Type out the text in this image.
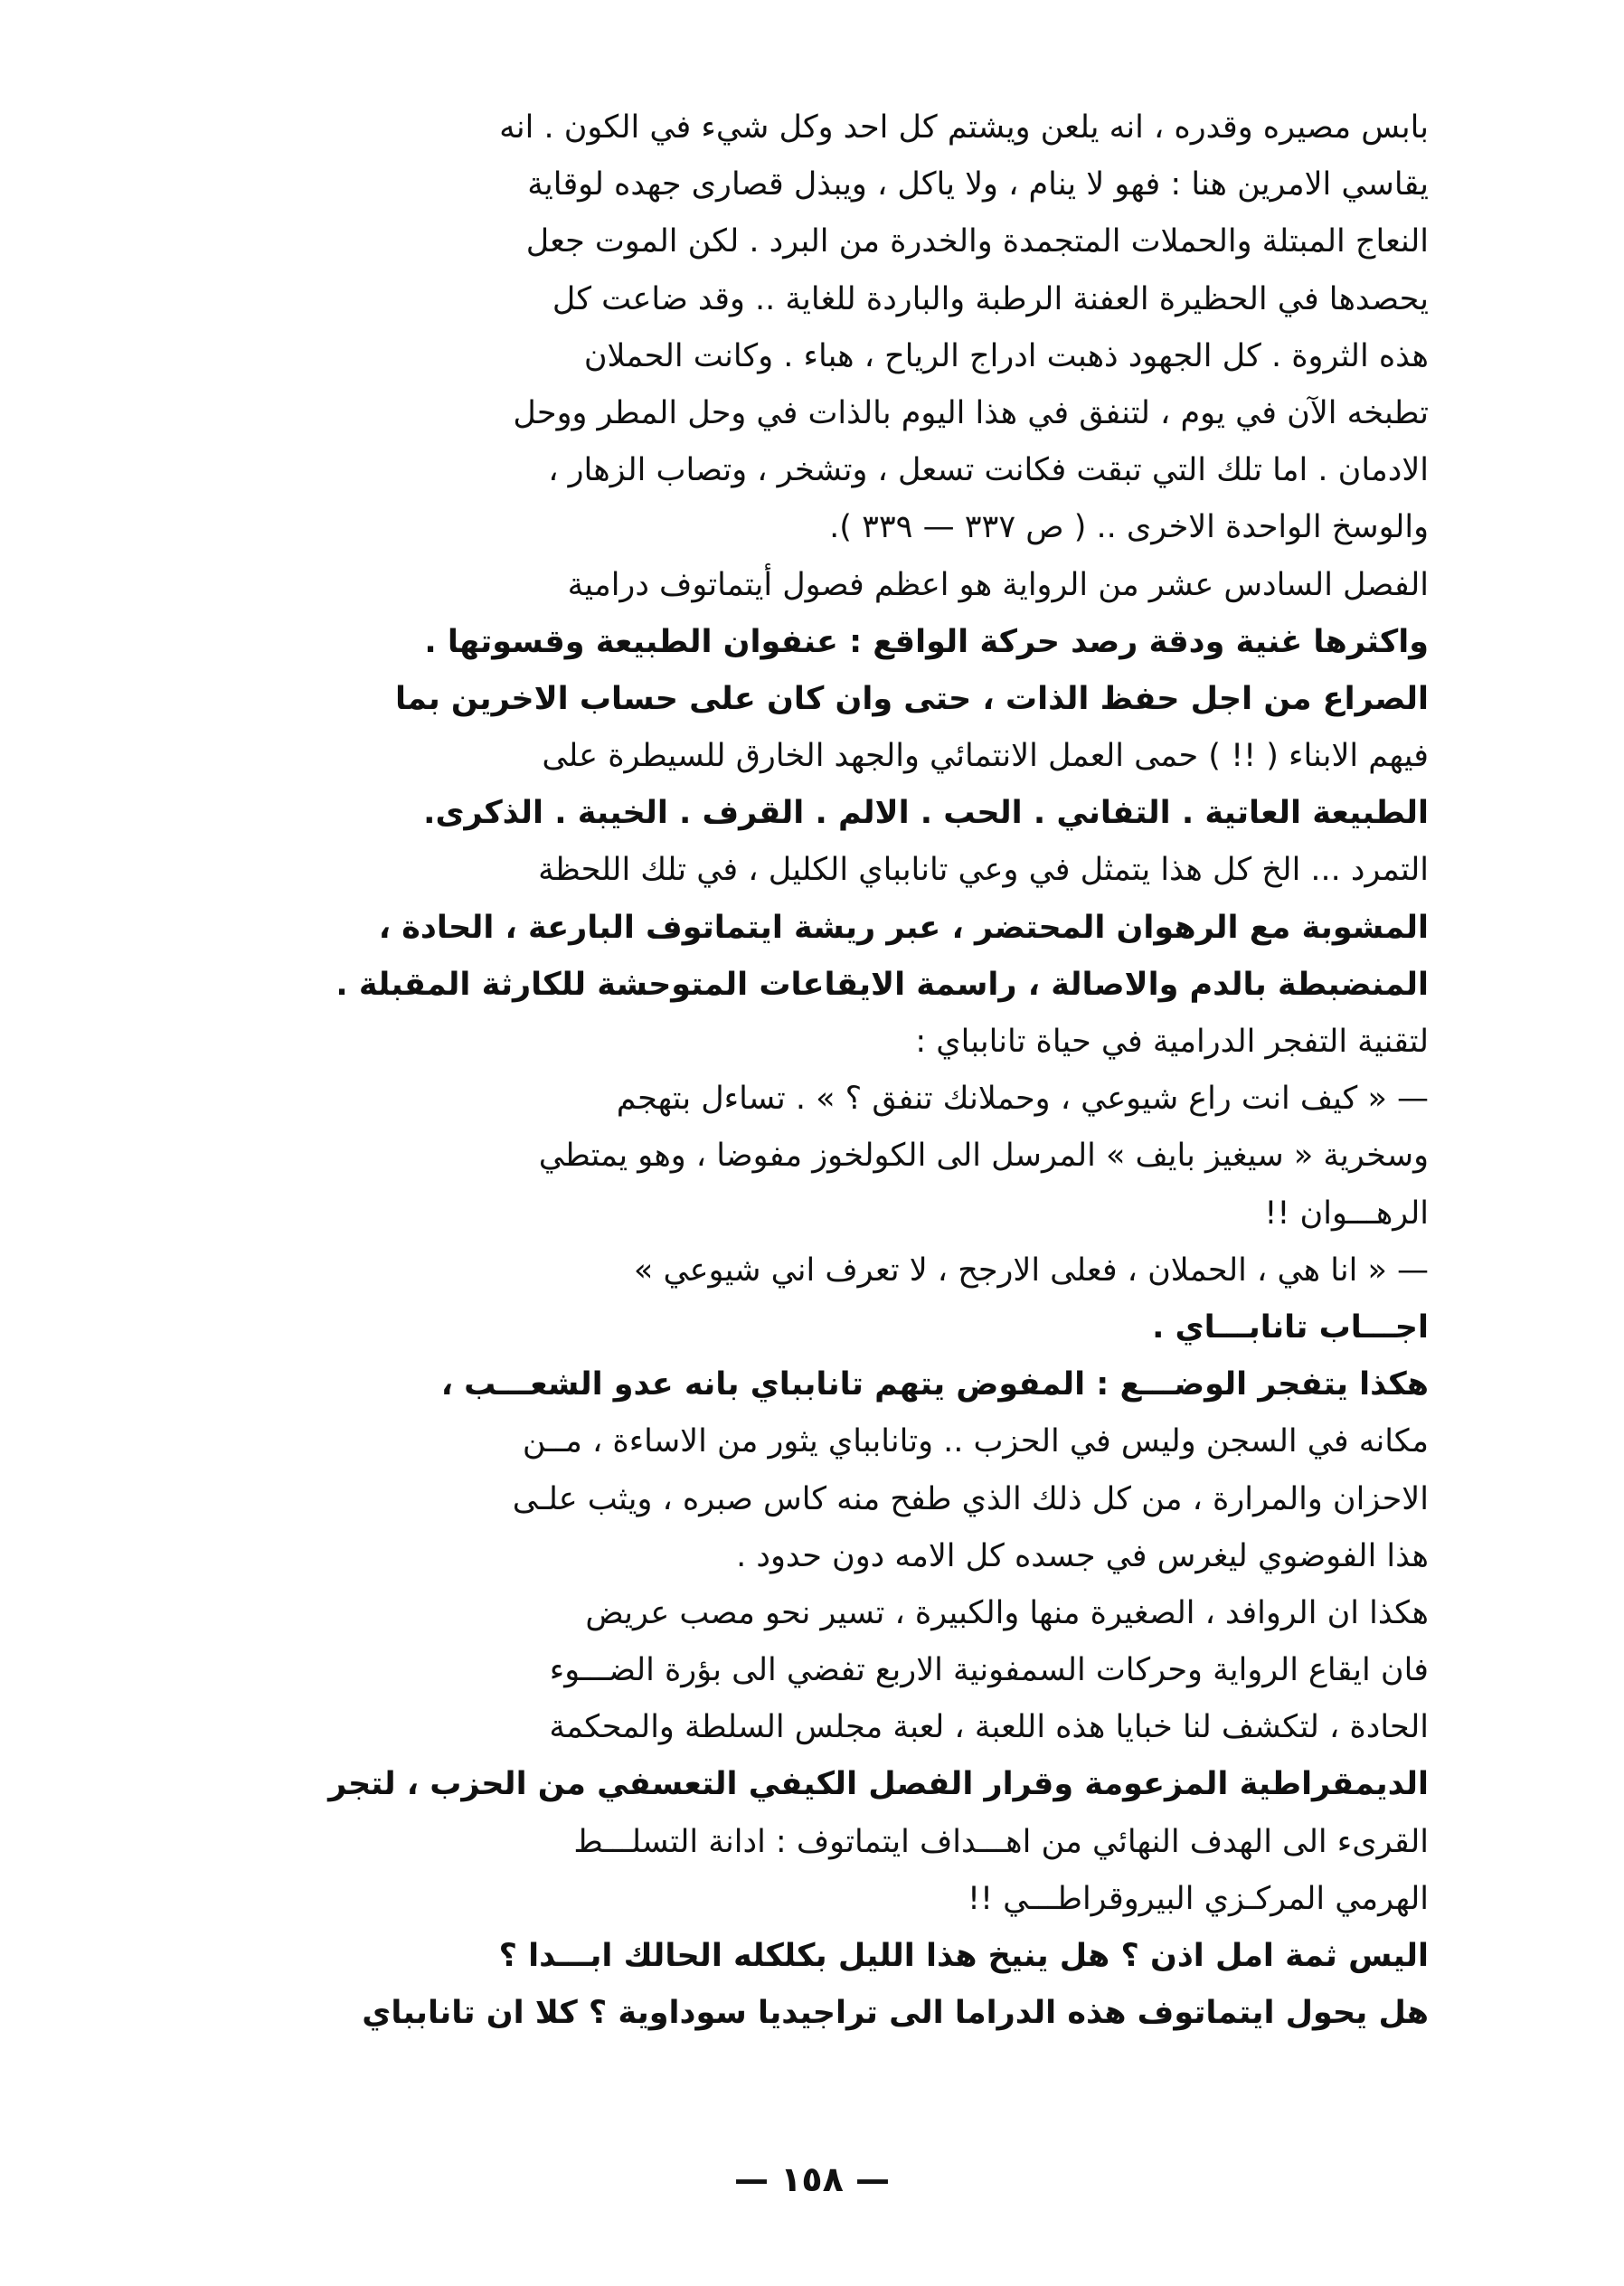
بابس مصيره وقدره ، انه يلعن ويشتم كل احد وكل شيء في الكون . انه
يقاسي الامرين هنا : فهو لا ينام ، ولا ياكل ، ويبذل قصارى جهده لوقاية
النعاج المبتلة والحملات المتجمدة والخدرة من البرد . لكن الموت جعل
يحصدها في الحظيرة العفنة الرطبة والباردة للغاية .. وقد ضاعت كل
هذه الثروة . كل الجهود ذهبت ادراج الرياح ، هباء . وكانت الحملان
تطبخه الآن في يوم ، لتنفق في هذا اليوم بالذات في وحل المطر ووحل
الادمان . اما تلك التي تبقت فكانت تسعل ، وتشخر ، وتصاب الزهار ،
والوسخ الواحدة الاخرى .. ( ص ٣٣٧ — ٣٣٩ ).
الفصل السادس عشر من الرواية هو اعظم فصول أيتماتوف درامية
واكثرها غنية ودقة رصد حركة الواقع : عنفوان الطبيعة وقسوتها .
الصراع من اجل حفظ الذات ، حتى وان كان على حساب الاخرين بما
فيهم الابناء ( !! ) حمى العمل الانتمائي والجهد الخارق للسيطرة على
الطبيعة العاتية . التفاني . الحب . الالم . القرف . الخيبة . الذكرى.
التمرد ... الخ كل هذا يتمثل في وعي تانابباي الكليل ، في تلك اللحظة
المشوبة مع الرهوان المحتضر ، عبر ريشة ايتماتوف البارعة ، الحادة ،
المنضبطة بالدم والاصالة ، راسمة الايقاعات المتوحشة للكارثة المقبلة .
لتقنية التفجر الدرامية في حياة تانابباي :
— « كيف انت راع شيوعي ، وحملانك تنفق ؟ » . تساءل بتهجم
وسخرية « سيغيز بايف » المرسل الى الكولخوز مفوضا ، وهو يمتطي
الرهـــوان !!
— « انا هي ، الحملان ، فعلى الارجح ، لا تعرف اني شيوعي »
اجـــاب تانابـــاي .
هكذا يتفجر الوضـــع : المفوض يتهم تانابباي بانه عدو الشعـــب ،
مكانه في السجن وليس في الحزب .. وتانابباي يثور من الاساءة ، مــن
الاحزان والمرارة ، من كل ذلك الذي طفح منه كاس صبره ، ويثب علـى
هذا الفوضوي ليغرس في جسده كل الامه دون حدود .
هكذا ان الروافد ، الصغيرة منها والكبيرة ، تسير نحو مصب عريض
فان ايقاع الرواية وحركات السمفونية الاربع تفضي الى بؤرة الضـــوء
الحادة ، لتكشف لنا خبايا هذه اللعبة ، لعبة مجلس السلطة والمحكمة
الديمقراطية المزعومة وقرار الفصل الكيفي التعسفي من الحزب ، لتجر
القرىء الى الهدف النهائي من اهـــداف ايتماتوف : ادانة التسلـــط
الهرمي المركـزي البيروقراطـــي !!
اليس ثمة امل اذن ؟ هل ينيخ هذا الليل بكلكله الحالك ابـــدا ؟
هل يحول ايتماتوف هذه الدراما الى تراجيديا سوداوية ؟ كلا ان تانابباي
— ١٥٨ —
